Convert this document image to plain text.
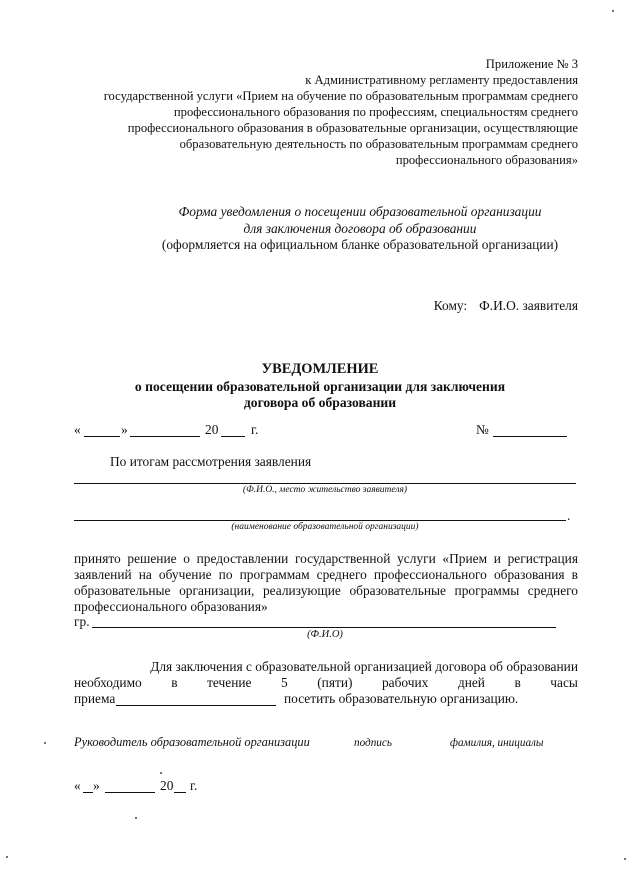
Приложение № 3
к Административному регламенту предоставления
государственной услуги «Прием на обучение по образовательным программам среднего
профессионального образования по профессиям, специальностям среднего
профессионального образования в образовательные организации, осуществляющие
образовательную деятельность по образовательным программам среднего
профессионального образования»
Форма уведомления о посещении образовательной организации
для заключения договора об образовании
(оформляется на официальном бланке образовательной организации)
Кому: Ф.И.О. заявителя
УВЕДОМЛЕНИЕ
о посещении образовательной организации для заключения
договора об образовании
«	»	20 г.	№
По итогам рассмотрения заявления
(Ф.И.О., место жительство заявителя)
.
(наименование образовательной организации)
принято решение о предоставлении государственной услуги «Прием и регистрация
заявлений на обучение по программам среднего профессионального образования в
образовательные организации, реализующие образовательные программы среднего
профессионального образования»
гр.
(Ф.И.О)
Для заключения с образовательной организацией договора об образовании
необходимо в течение 5 (пяти) рабочих дней в часы
приема	посетить образовательную организацию.
Руководитель образовательной организации	подпись	фамилия, инициалы
« »	20 г.
